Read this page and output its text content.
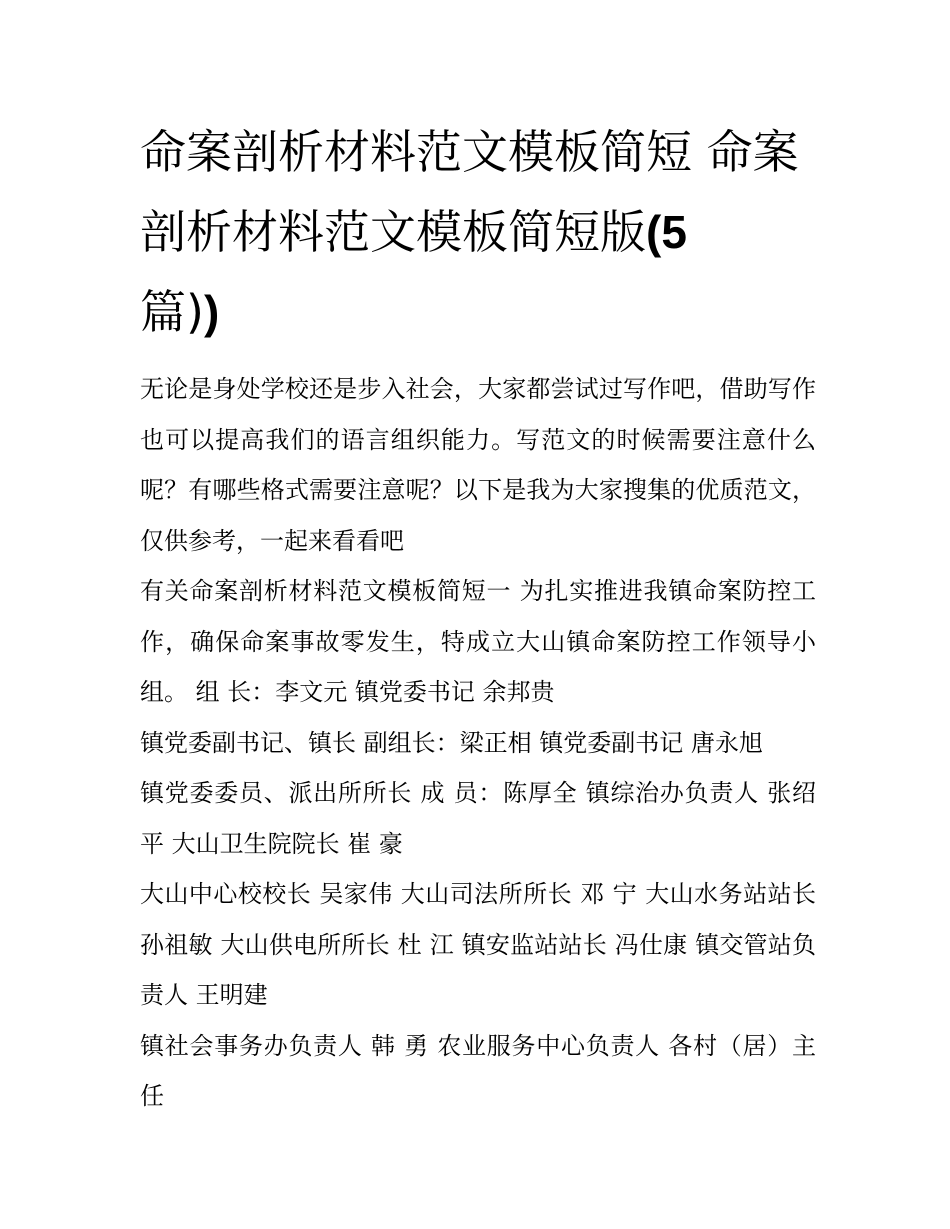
命案剖析材料范文模板简短 命案剖析材料范文模板简短版(5
篇))

无论是身处学校还是步入社会，大家都尝试过写作吧，借助写作也可以提高我们的语言组织能力。写范文的时候需要注意什么呢？有哪些格式需要注意呢？以下是我为大家搜集的优质范文，仅供参考，一起来看看吧

有关命案剖析材料范文模板简短一 为扎实推进我镇命案防控工作，确保命案事故零发生，特成立大山镇命案防控工作领导小组。 组 长：李文元 镇党委书记 余邦贵

镇党委副书记、镇长 副组长：梁正相 镇党委副书记 唐永旭

镇党委委员、派出所所长 成 员：陈厚全 镇综治办负责人 张绍平 大山卫生院院长 崔 豪

大山中心校校长 吴家伟 大山司法所所长 邓 宁 大山水务站站长 孙祖敏 大山供电所所长 杜 江 镇安监站站长 冯仕康 镇交管站负责人 王明建

镇社会事务办负责人 韩 勇 农业服务中心负责人 各村（居）主任
